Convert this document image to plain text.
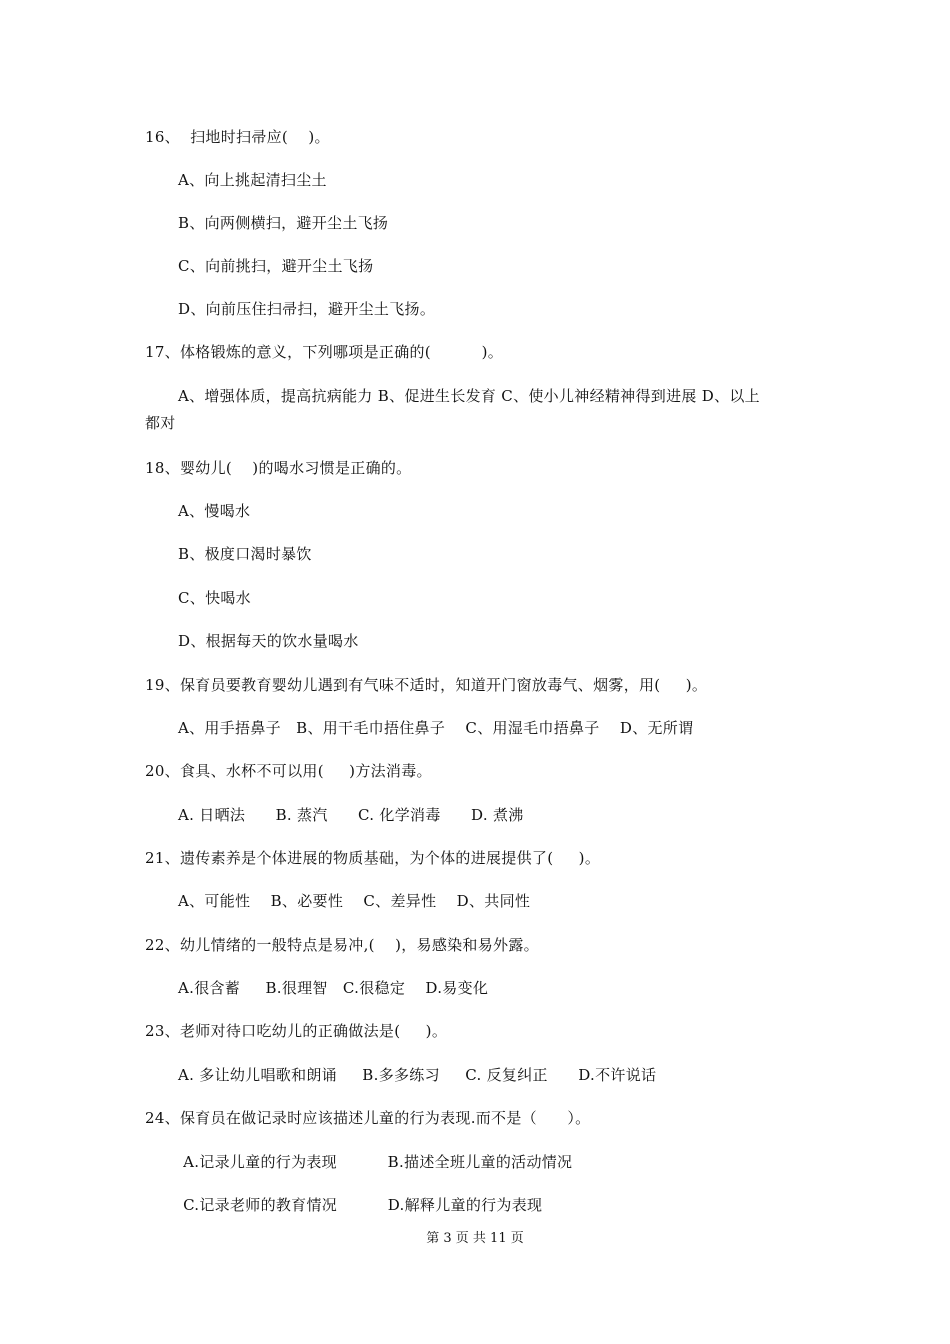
16、  扫地时扫帚应(    )。
A、向上挑起清扫尘土
B、向两侧横扫，避开尘土飞扬
C、向前挑扫，避开尘土飞扬
D、向前压住扫帚扫，避开尘土飞扬。
17、体格锻炼的意义，下列哪项是正确的(          )。
A、增强体质，提高抗病能力 B、促进生长发育 C、使小儿神经精神得到进展 D、以上
都对
18、婴幼儿(    )的喝水习惯是正确的。
A、慢喝水
B、极度口渴时暴饮
C、快喝水
D、根据每天的饮水量喝水
19、保育员要教育婴幼儿遇到有气味不适时，知道开门窗放毒气、烟雾，用(     )。
A、用手捂鼻子   B、用干毛巾捂住鼻子    C、用湿毛巾捂鼻子    D、无所谓
20、食具、水杯不可以用(     )方法消毒。
A. 日晒法      B. 蒸汽      C. 化学消毒      D. 煮沸
21、遗传素养是个体进展的物质基础，为个体的进展提供了(     )。
A、可能性    B、必要性    C、差异性    D、共同性
22、幼儿情绪的一般特点是易冲,(    )，易感染和易外露。
A.很含蓄     B.很理智   C.很稳定    D.易变化
23、老师对待口吃幼儿的正确做法是(     )。
A. 多让幼儿唱歌和朗诵     B.多多练习     C. 反复纠正      D.不许说话
24、保育员在做记录时应该描述儿童的行为表现.而不是（      ）。
A.记录儿童的行为表现          B.描述全班儿童的活动情况
C.记录老师的教育情况          D.解释儿童的行为表现
第 3 页 共 11 页
